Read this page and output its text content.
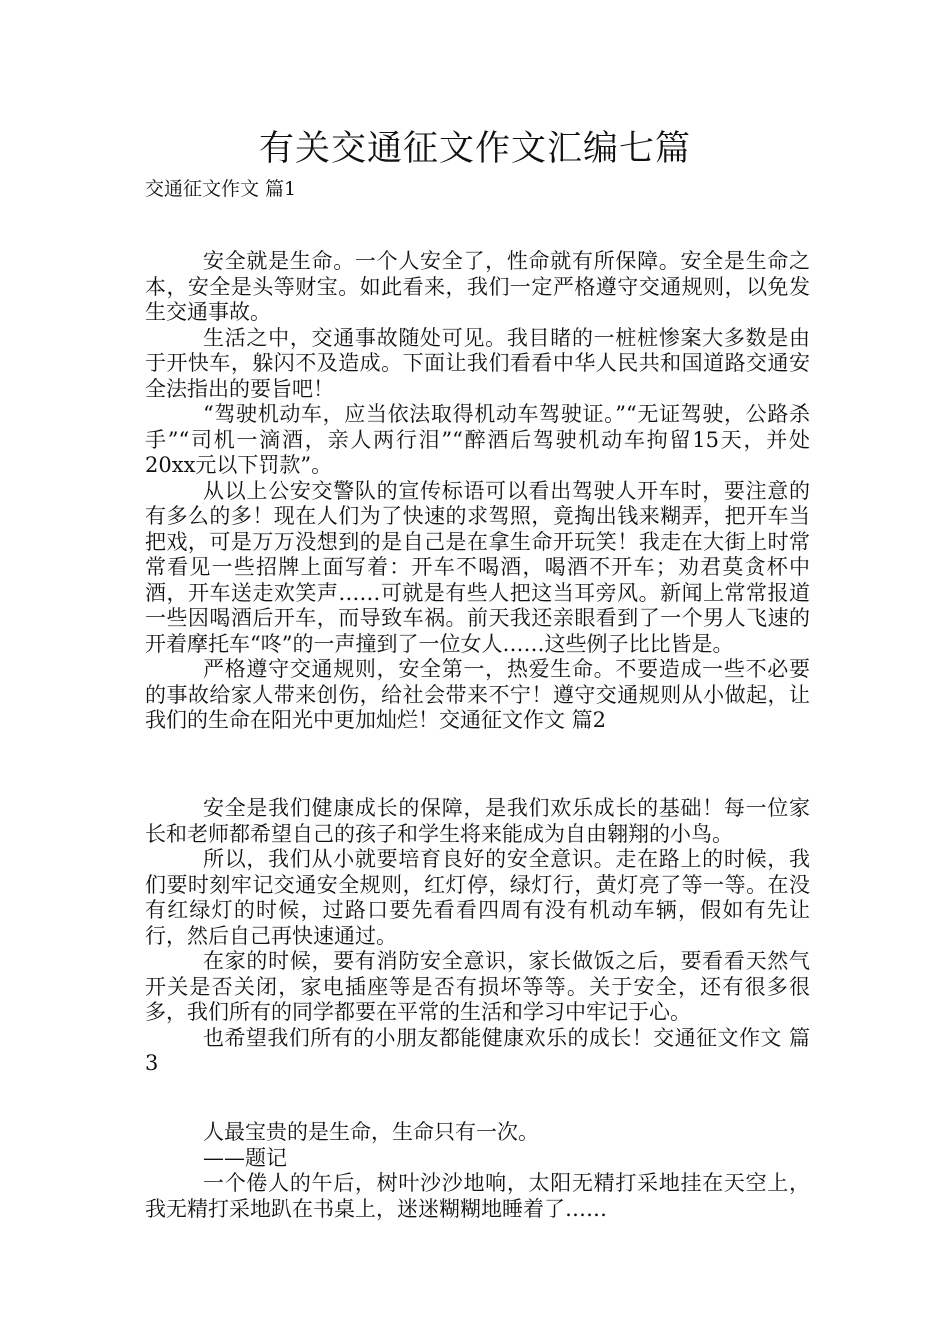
有关交通征文作文汇编七篇
交通征文作文 篇1

安全就是生命。一个人安全了，性命就有所保障。安全是生命之本，安全是头等财宝。如此看来，我们一定严格遵守交通规则，以免发生交通事故。

生活之中，交通事故随处可见。我目睹的一桩桩惨案大多数是由于开快车，躲闪不及造成。下面让我们看看中华人民共和国道路交通安全法指出的要旨吧！

“驾驶机动车，应当依法取得机动车驾驶证。”“无证驾驶，公路杀手”“司机一滴酒，亲人两行泪”“醉酒后驾驶机动车拘留15天，并处20xx元以下罚款”。

从以上公安交警队的宣传标语可以看出驾驶人开车时，要注意的有多么的多！现在人们为了快速的求驾照，竟掏出钱来糊弄，把开车当把戏，可是万万没想到的是自己是在拿生命开玩笑！我走在大街上时常常看见一些招牌上面写着：开车不喝酒，喝酒不开车；劝君莫贪杯中酒，开车送走欢笑声……可就是有些人把这当耳旁风。新闻上常常报道一些因喝酒后开车，而导致车祸。前天我还亲眼看到了一个男人飞速的开着摩托车“咚”的一声撞到了一位女人……这些例子比比皆是。

严格遵守交通规则，安全第一，热爱生命。不要造成一些不必要的事故给家人带来创伤，给社会带来不宁！遵守交通规则从小做起，让我们的生命在阳光中更加灿烂！交通征文作文 篇2

安全是我们健康成长的保障，是我们欢乐成长的基础！每一位家长和老师都希望自己的孩子和学生将来能成为自由翱翔的小鸟。

所以，我们从小就要培育良好的安全意识。走在路上的时候，我们要时刻牢记交通安全规则，红灯停，绿灯行，黄灯亮了等一等。在没有红绿灯的时候，过路口要先看看四周有没有机动车辆，假如有先让行，然后自己再快速通过。

在家的时候，要有消防安全意识，家长做饭之后，要看看天然气开关是否关闭，家电插座等是否有损坏等等。关于安全，还有很多很多，我们所有的同学都要在平常的生活和学习中牢记于心。

也希望我们所有的小朋友都能健康欢乐的成长！交通征文作文 篇3

人最宝贵的是生命，生命只有一次。

——题记

一个倦人的午后，树叶沙沙地响，太阳无精打采地挂在天空上，我无精打采地趴在书桌上，迷迷糊糊地睡着了……
